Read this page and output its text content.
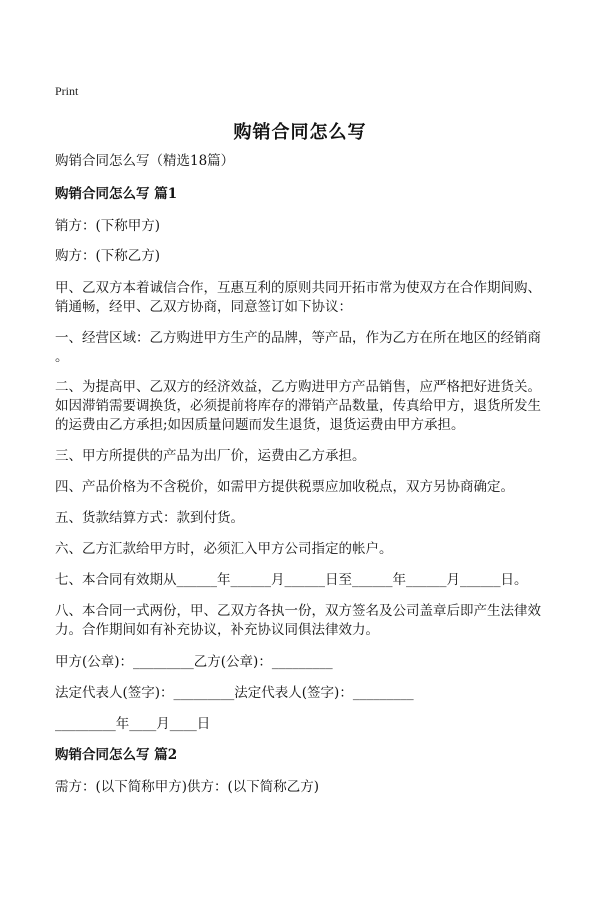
Print
购销合同怎么写
购销合同怎么写（精选18篇）
购销合同怎么写 篇1
销方：(下称甲方)
购方：(下称乙方)
甲、乙双方本着诚信合作，互惠互利的原则共同开拓市常为使双方在合作期间购、
销通畅，经甲、乙双方协商，同意签订如下协议：
一、经营区域：乙方购进甲方生产的品牌，等产品，作为乙方在所在地区的经销商
。
二、为提高甲、乙双方的经济效益，乙方购进甲方产品销售，应严格把好进货关。
如因滞销需要调换货，必须提前将库存的滞销产品数量，传真给甲方，退货所发生
的运费由乙方承担;如因质量问题而发生退货，退货运费由甲方承担。
三、甲方所提供的产品为出厂价，运费由乙方承担。
四、产品价格为不含税价，如需甲方提供税票应加收税点，双方另协商确定。
五、货款结算方式：款到付货。
六、乙方汇款给甲方时，必须汇入甲方公司指定的帐户。
七、本合同有效期从______年______月______日至______年______月______日。
八、本合同一式两份，甲、乙双方各执一份，双方签名及公司盖章后即产生法律效
力。合作期间如有补充协议，补充协议同俱法律效力。
甲方(公章)：_________乙方(公章)：_________
法定代表人(签字)：_________法定代表人(签字)：_________
_________年____月____日
购销合同怎么写 篇2
需方：(以下简称甲方)供方：(以下简称乙方)
